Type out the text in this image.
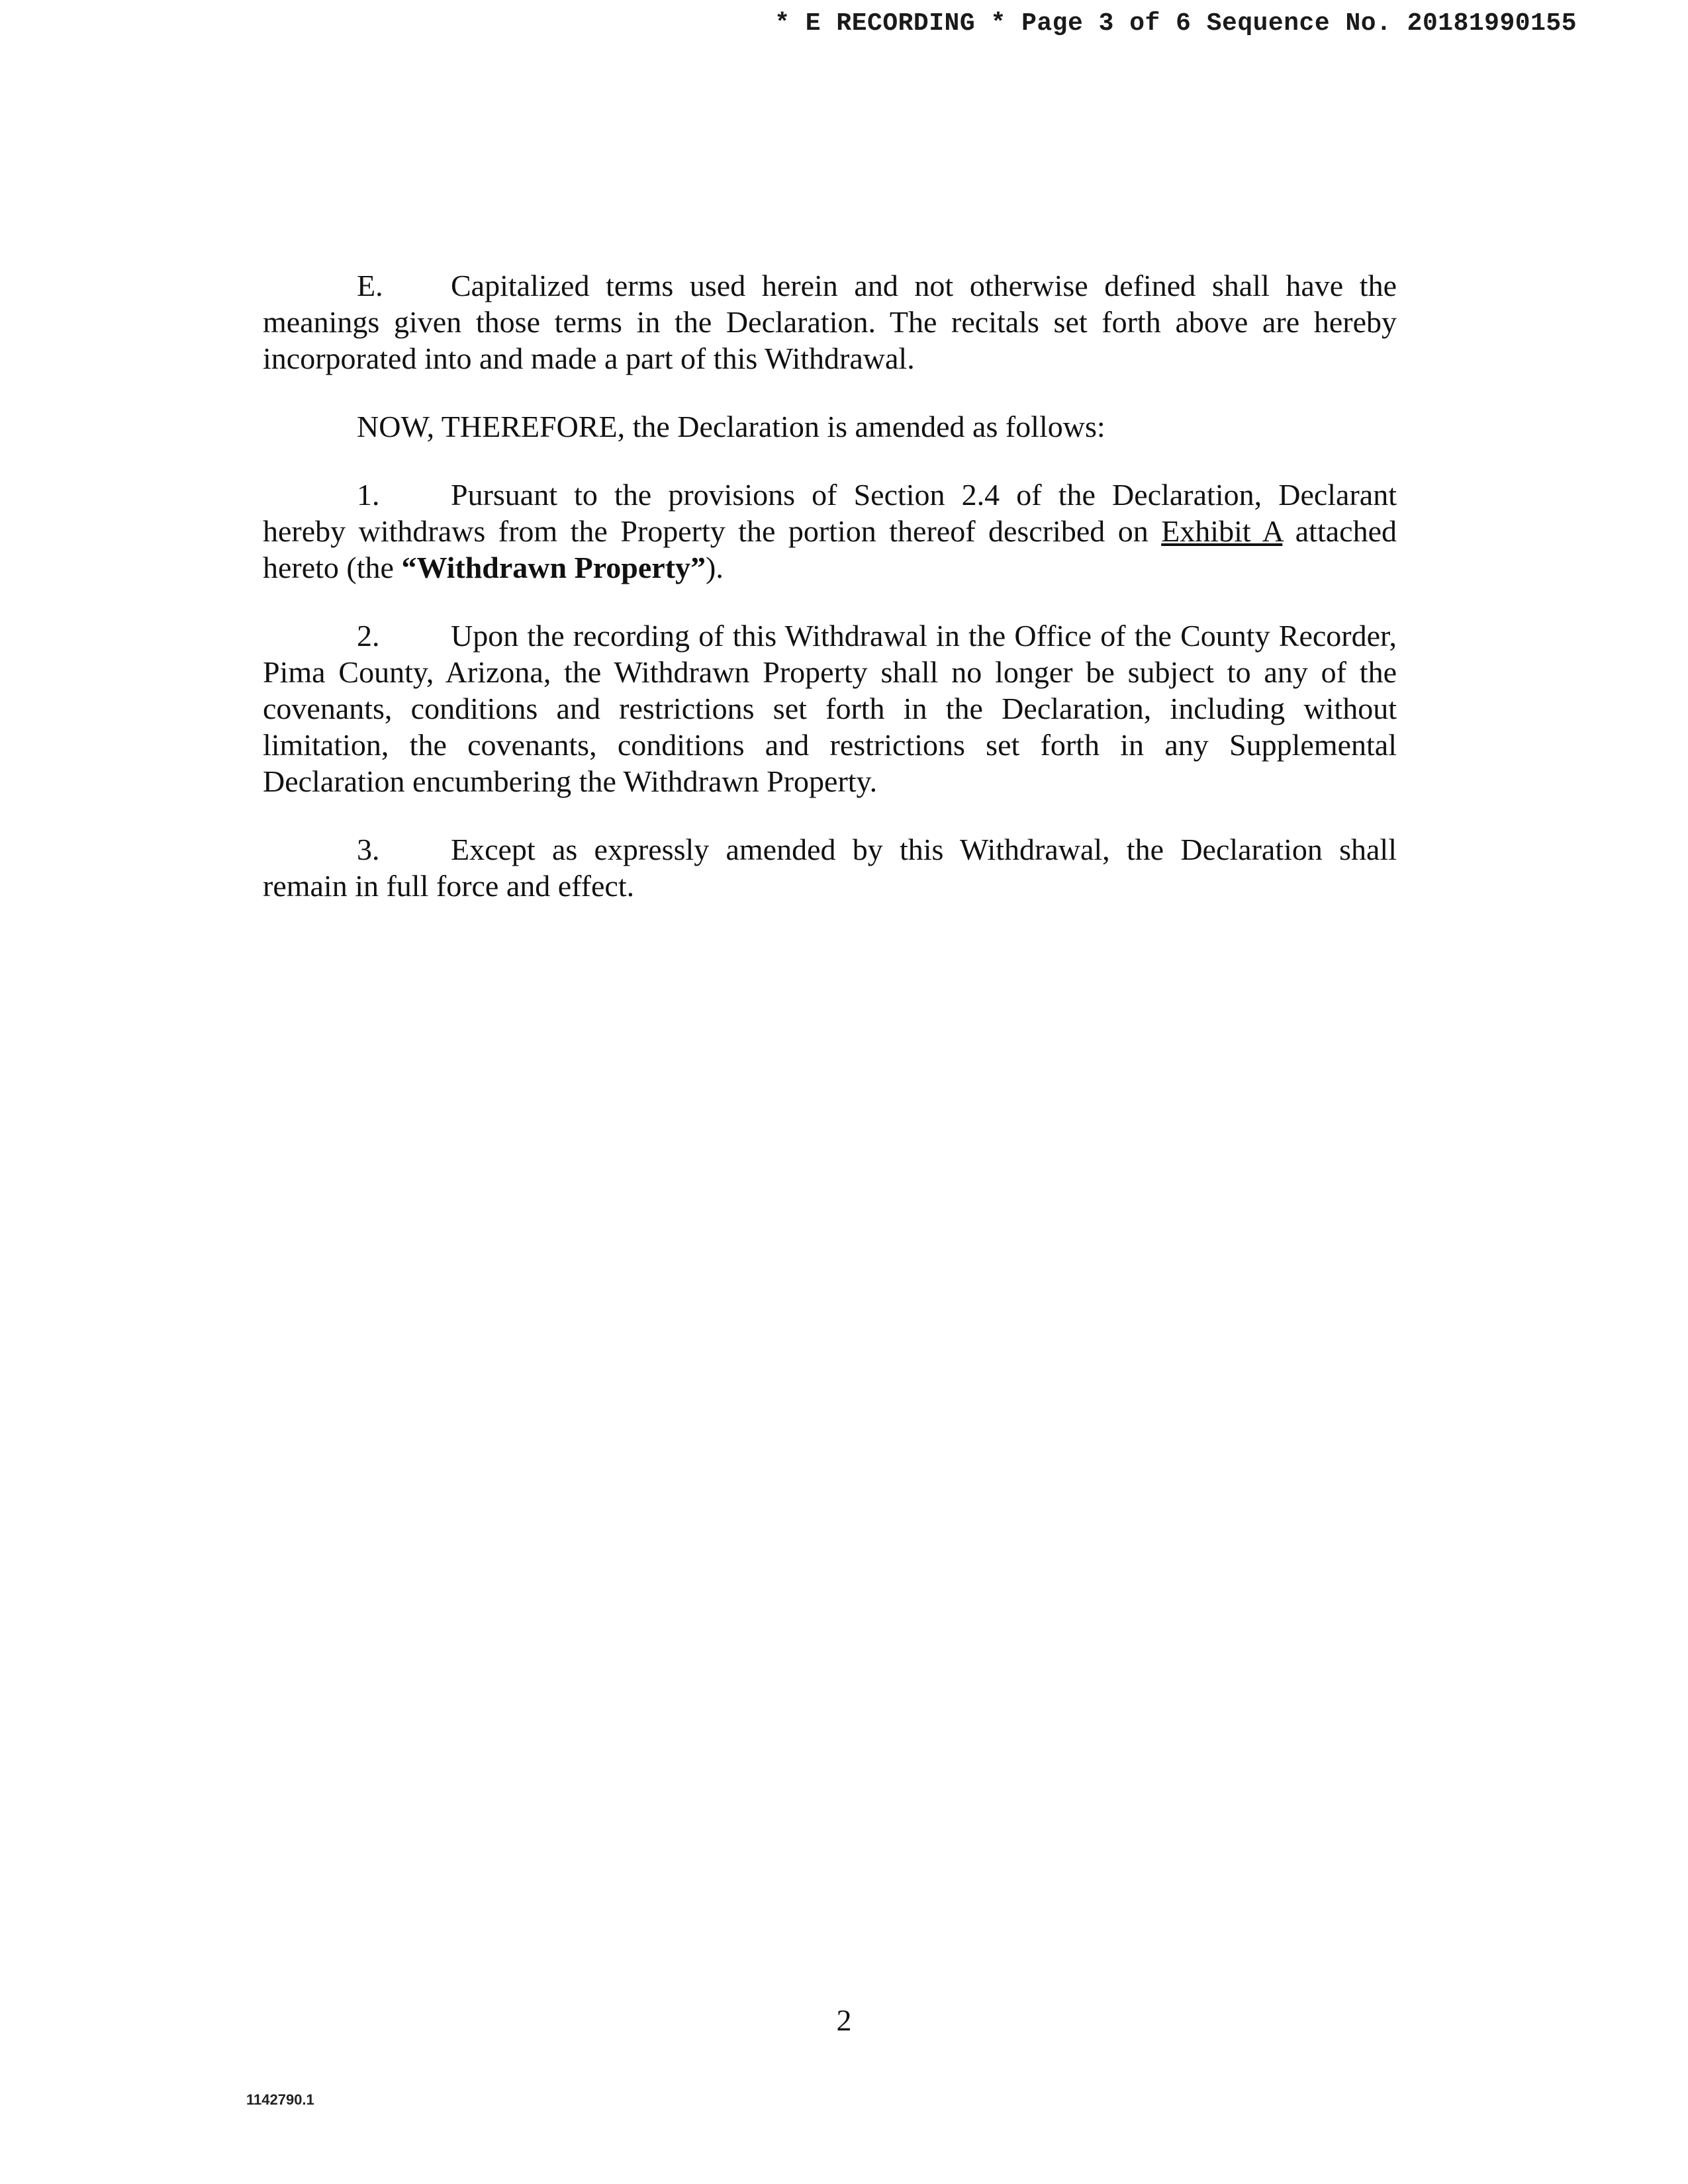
* E RECORDING * Page 3 of 6 Sequence No. 20181990155

E. Capitalized terms used herein and not otherwise defined shall have the meanings given those terms in the Declaration. The recitals set forth above are hereby incorporated into and made a part of this Withdrawal.

NOW, THEREFORE, the Declaration is amended as follows:

1. Pursuant to the provisions of Section 2.4 of the Declaration, Declarant hereby withdraws from the Property the portion thereof described on Exhibit A attached hereto (the “Withdrawn Property”).

2. Upon the recording of this Withdrawal in the Office of the County Recorder, Pima County, Arizona, the Withdrawn Property shall no longer be subject to any of the covenants, conditions and restrictions set forth in the Declaration, including without limitation, the covenants, conditions and restrictions set forth in any Supplemental Declaration encumbering the Withdrawn Property.

3. Except as expressly amended by this Withdrawal, the Declaration shall remain in full force and effect.

2
1142790.1
